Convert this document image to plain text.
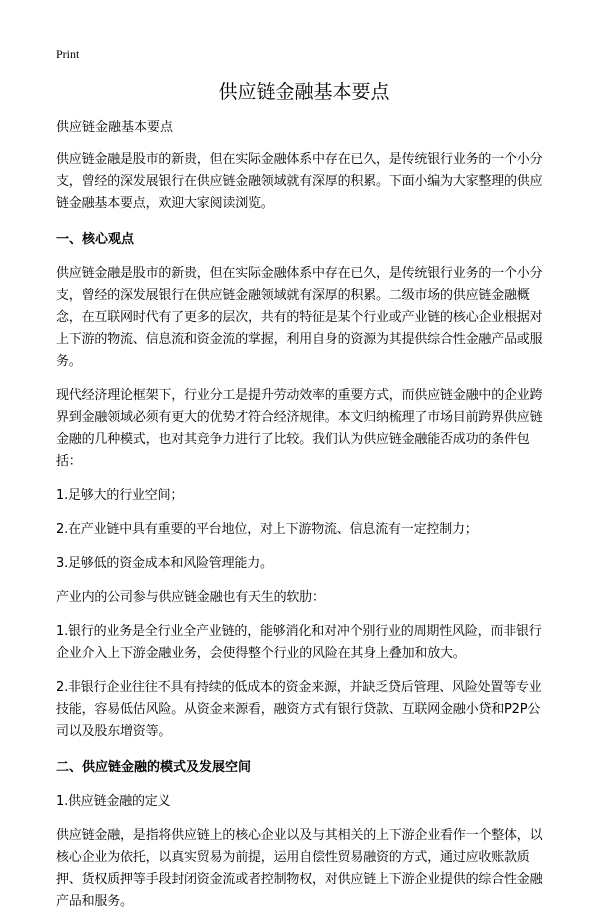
Print
供应链金融基本要点
供应链金融基本要点

供应链金融是股市的新贵，但在实际金融体系中存在已久，是传统银行业务的一个小分支，曾经的深发展银行在供应链金融领域就有深厚的积累。下面小编为大家整理的供应链金融基本要点，欢迎大家阅读浏览。

一、核心观点

供应链金融是股市的新贵，但在实际金融体系中存在已久，是传统银行业务的一个小分支，曾经的深发展银行在供应链金融领域就有深厚的积累。二级市场的供应链金融概念，在互联网时代有了更多的层次，共有的特征是某个行业或产业链的核心企业根据对上下游的物流、信息流和资金流的掌握，利用自身的资源为其提供综合性金融产品或服务。

现代经济理论框架下，行业分工是提升劳动效率的重要方式，而供应链金融中的企业跨界到金融领域必须有更大的优势才符合经济规律。本文归纳梳理了市场目前跨界供应链金融的几种模式，也对其竞争力进行了比较。我们认为供应链金融能否成功的条件包括：

1.足够大的行业空间；

2.在产业链中具有重要的平台地位，对上下游物流、信息流有一定控制力；

3.足够低的资金成本和风险管理能力。

产业内的公司参与供应链金融也有天生的软肋：

1.银行的业务是全行业全产业链的，能够消化和对冲个别行业的周期性风险，而非银行企业介入上下游金融业务，会使得整个行业的风险在其身上叠加和放大。

2.非银行企业往往不具有持续的低成本的资金来源，并缺乏贷后管理、风险处置等专业技能，容易低估风险。从资金来源看，融资方式有银行贷款、互联网金融小贷和P2P公司以及股东增资等。

二、供应链金融的模式及发展空间

1.供应链金融的定义

供应链金融，是指将供应链上的核心企业以及与其相关的上下游企业看作一个整体，以核心企业为依托，以真实贸易为前提，运用自偿性贸易融资的方式，通过应收账款质押、货权质押等手段封闭资金流或者控制物权，对供应链上下游企业提供的综合性金融产品和服务。
